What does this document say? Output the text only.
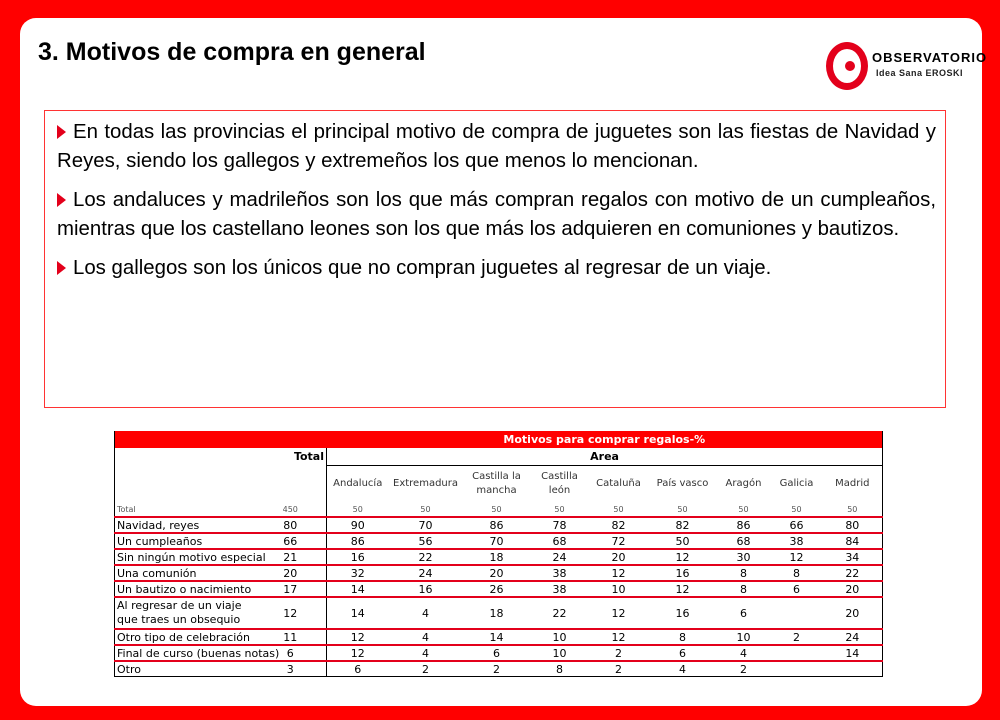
3. Motivos de compra en general	OBSERVATORIO
Idea Sana EROSKI

En todas las provincias el principal motivo de compra de juguetes son las fiestas de Navidad y Reyes, siendo los gallegos y extremeños los que menos lo mencionan.

Los andaluces y madrileños son los que más compran regalos con motivo de un cumpleaños, mientras que los castellano leones son los que más los adquieren en comuniones y bautizos.

Los gallegos son los únicos que no compran juguetes al regresar de un viaje.

		Motivos para comprar regalos-%								
	Total	Area								
		Andalucía	Extremadura	Castilla la mancha	Castilla león	Cataluña	País vasco	Aragón	Galicia	Madrid
Total	450	50	50	50	50	50	50	50	50	50
Navidad, reyes	80	90	70	86	78	82	82	86	66	80
Un cumpleaños	66	86	56	70	68	72	50	68	38	84
Sin ningún motivo especial	21	16	22	18	24	20	12	30	12	34
Una comunión	20	32	24	20	38	12	16	8	8	22
Un bautizo o nacimiento	17	14	16	26	38	10	12	8	6	20
Al regresar de un viaje que traes un obsequio	12	14	4	18	22	12	16	6		20
Otro tipo de celebración	11	12	4	14	10	12	8	10	2	24
Final de curso (buenas notas)	6	12	4	6	10	2	6	4		14
Otro	3	6	2	2	8	2	4	2		
